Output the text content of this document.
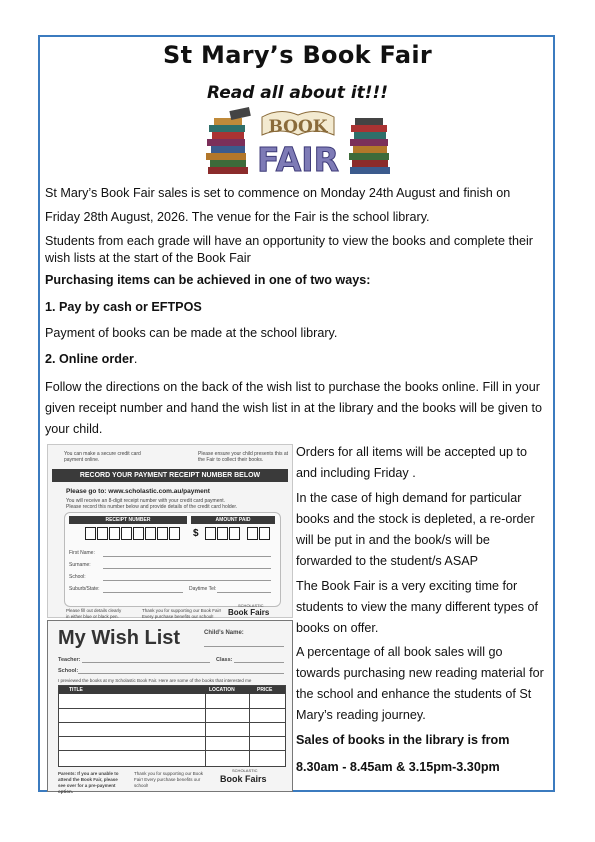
St Mary’s Book Fair
Read all about it!!!
BOOK
FAIR
St Mary’s Book Fair sales is set to commence on Monday 24th August and finish on
Friday 28th August, 2026. The venue for the Fair is the school library.
Students from each grade will have an opportunity to view the books and complete their wish lists at the start of the Book Fair
Purchasing items can be achieved in one of two ways:
1. Pay by cash or EFTPOS
Payment of books can be made at the school library.
2. Online order.
Follow the directions on the back of the wish list to purchase the books online. Fill in your given receipt number and hand the wish list in at the library and the books will be given to your child.
Orders for all items will be accepted up to and including Friday .
In the case of high demand for particular books and the stock is depleted, a re-order will be put in and the book/s will be forwarded to the student/s ASAP
The Book Fair is a very exciting time for students to view the many different types of books on offer.
A percentage of all book sales will go towards purchasing new reading material for the school and enhance the students of St Mary’s reading journey.
Sales of books in the library is from
8.30am - 8.45am & 3.15pm-3.30pm
You can make a secure credit card payment online.
Please ensure your child presents this at the Fair to collect their books.
RECORD YOUR PAYMENT RECEIPT NUMBER BELOW
Please go to: www.scholastic.com.au/payment
You will receive an 8-digit receipt number with your credit card payment.
Please record this number below and provide details of the credit card holder.
RECEIPT NUMBER	AMOUNT PAID
$
First Name:
Surname:
School:
Suburb/State:	Daytime Tel:
Please fill out details clearly in either blue or black pen.
Thank you for supporting our Book Fair! Every purchase benefits our school!
SCHOLASTIC
Book Fairs
My Wish List	Child’s Name:
Teacher:	Class:
School:
I previewed the books at my Scholastic Book Fair. Here are some of the books that interested me
TITLE	LOCATION	PRICE
Parents: If you are unable to attend the Book Fair, please see over for a pre-payment option.
Thank you for supporting our Book Fair! Every purchase benefits our school!
SCHOLASTIC
Book Fairs
